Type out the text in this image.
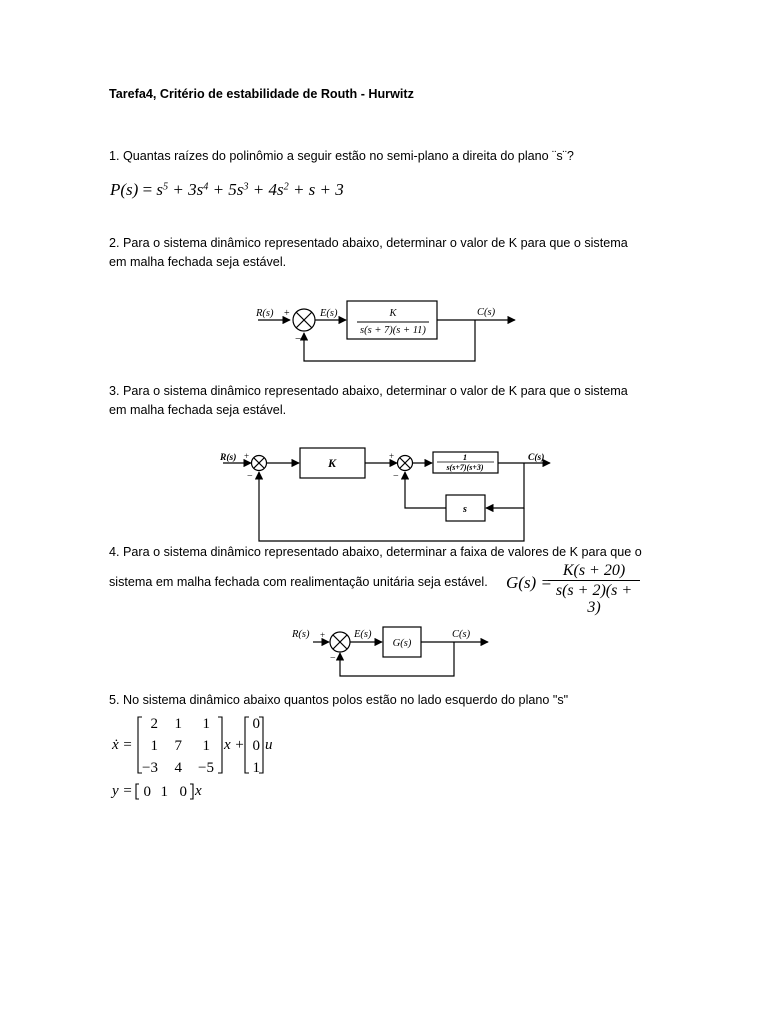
Tarefa4, Critério de estabilidade de Routh - Hurwitz
1. Quantas raízes do polinômio a seguir estão no semi-plano a direita do plano ¨s¨?
$P(s) = s^5 + 3s^4 + 5s^3 + 4s^2 + s + 3$
2. Para o sistema dinâmico representado abaixo, determinar o valor de K para que o sistema
em malha fechada seja estável.
R(s) +
−
E(s)	C(s)
K
s(s + 7)(s + 11)
R(s) +
−
K	+
−
1
s(s+7)(s+3)
C(s)
s
R(s) +
−
E(s)
G(s)
C(s)
3. Para o sistema dinâmico representado abaixo, determinar o valor de K para que o sistema
em malha fechada seja estável.
4. Para o sistema dinâmico representado abaixo, determinar a faixa de valores de K para que o
sistema em malha fechada com realimentação unitária seja estável. G(s) =
$\frac{K(s + 20)}{s(s + 2)(s + 3)}$
5. No sistema dinâmico abaixo quantos polos estão no lado esquerdo do plano "s"
ẋ =
2	1	1
1	7	1
−3	4	−5
x +
0
0
1
u
y = 0 1 0 x
